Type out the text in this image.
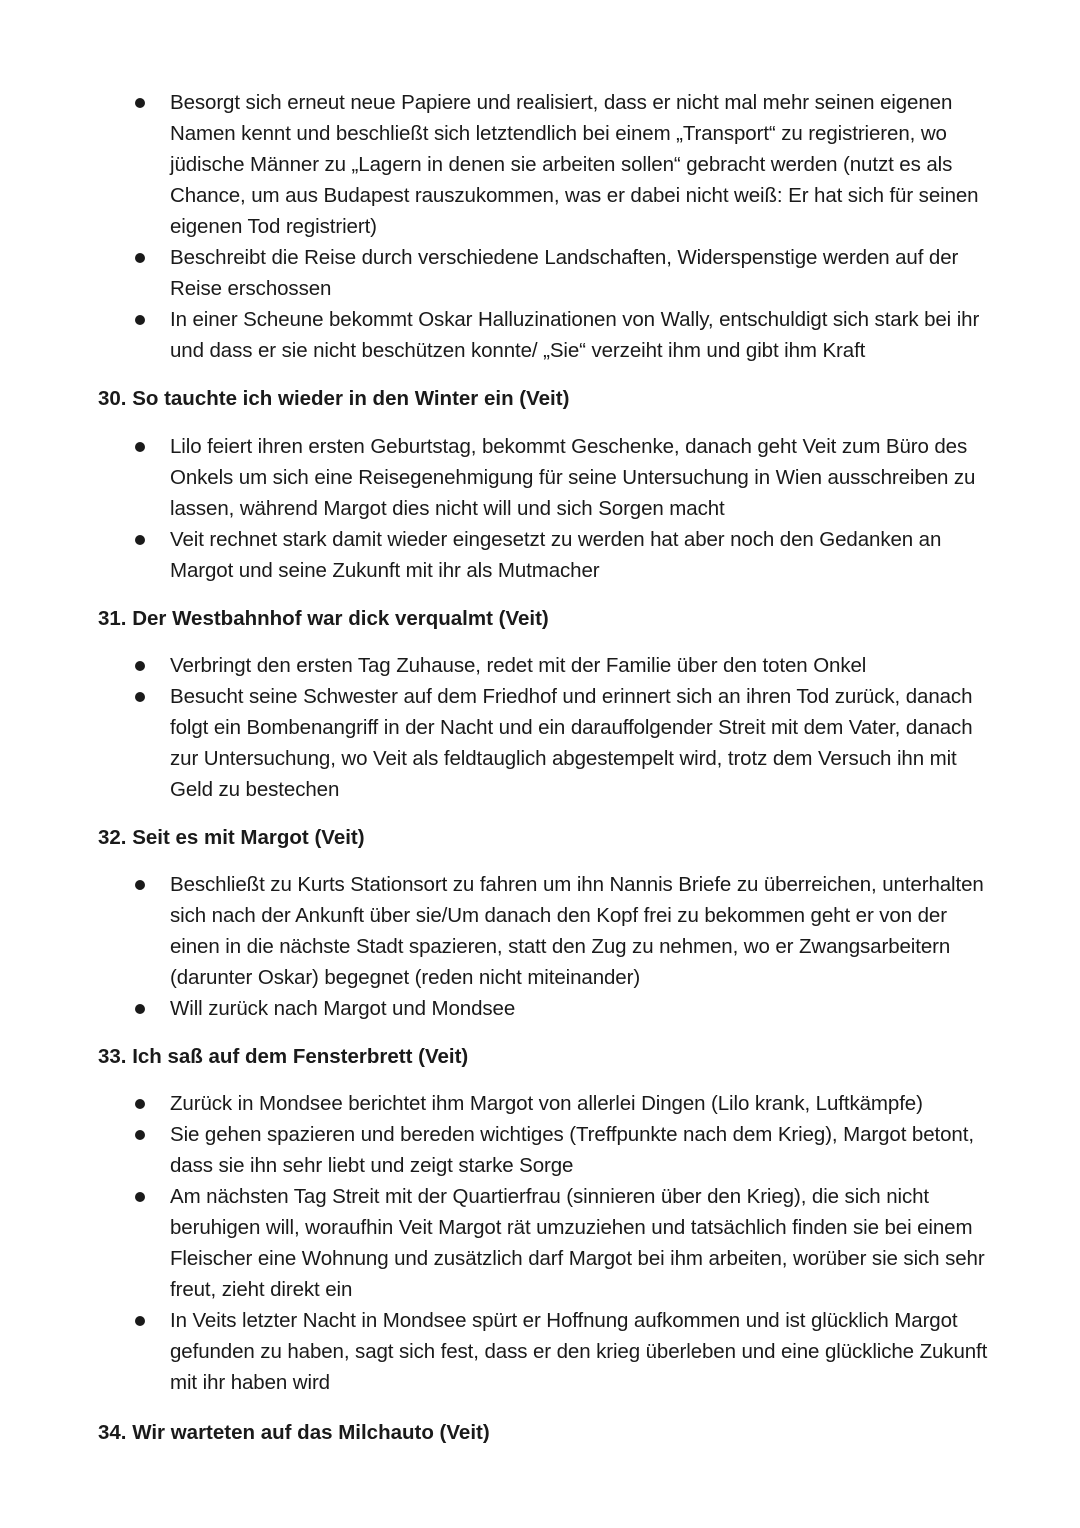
Besorgt sich erneut neue Papiere und realisiert, dass er nicht mal mehr seinen eigenen Namen kennt und beschließt sich letztendlich bei einem „Transport“ zu registrieren, wo jüdische Männer zu „Lagern in denen sie arbeiten sollen“ gebracht werden (nutzt es als Chance, um aus Budapest rauszukommen, was er dabei nicht weiß: Er hat sich für seinen eigenen Tod registriert)
Beschreibt die Reise durch verschiedene Landschaften, Widerspenstige werden auf der Reise erschossen
In einer Scheune bekommt Oskar Halluzinationen von Wally, entschuldigt sich stark bei ihr und dass er sie nicht beschützen konnte/ „Sie“ verzeiht ihm und gibt ihm Kraft
30. So tauchte ich wieder in den Winter ein (Veit)
Lilo feiert ihren ersten Geburtstag, bekommt Geschenke, danach geht Veit zum Büro des Onkels um sich eine Reisegenehmigung für seine Untersuchung in Wien ausschreiben zu lassen, während Margot dies nicht will und sich Sorgen macht
Veit rechnet stark damit wieder eingesetzt zu werden hat aber noch den Gedanken an Margot und seine Zukunft mit ihr als Mutmacher
31. Der Westbahnhof war dick verqualmt (Veit)
Verbringt den ersten Tag Zuhause, redet mit der Familie über den toten Onkel
Besucht seine Schwester auf dem Friedhof und erinnert sich an ihren Tod zurück, danach folgt ein Bombenangriff in der Nacht und ein darauffolgender Streit mit dem Vater, danach zur Untersuchung, wo Veit als feldtauglich abgestempelt wird, trotz dem Versuch ihn mit Geld zu bestechen
32. Seit es mit Margot (Veit)
Beschließt zu Kurts Stationsort zu fahren um ihn Nannis Briefe zu überreichen, unterhalten sich nach der Ankunft über sie/Um danach den Kopf frei zu bekommen geht er von der einen in die nächste Stadt spazieren, statt den Zug zu nehmen, wo er Zwangsarbeitern (darunter Oskar) begegnet (reden nicht miteinander)
Will zurück nach Margot und Mondsee
33. Ich saß auf dem Fensterbrett (Veit)
Zurück in Mondsee berichtet ihm Margot von allerlei Dingen (Lilo krank, Luftkämpfe)
Sie gehen spazieren und bereden wichtiges (Treffpunkte nach dem Krieg), Margot betont, dass sie ihn sehr liebt und zeigt starke Sorge
Am nächsten Tag Streit mit der Quartierfrau (sinnieren über den Krieg), die sich nicht beruhigen will, woraufhin Veit Margot rät umzuziehen und tatsächlich finden sie bei einem Fleischer eine Wohnung und zusätzlich darf Margot bei ihm arbeiten, worüber sie sich sehr freut, zieht direkt ein
In Veits letzter Nacht in Mondsee spürt er Hoffnung aufkommen und ist glücklich Margot gefunden zu haben, sagt sich fest, dass er den krieg überleben und eine glückliche Zukunft mit ihr haben wird
34. Wir warteten auf das Milchauto (Veit)
